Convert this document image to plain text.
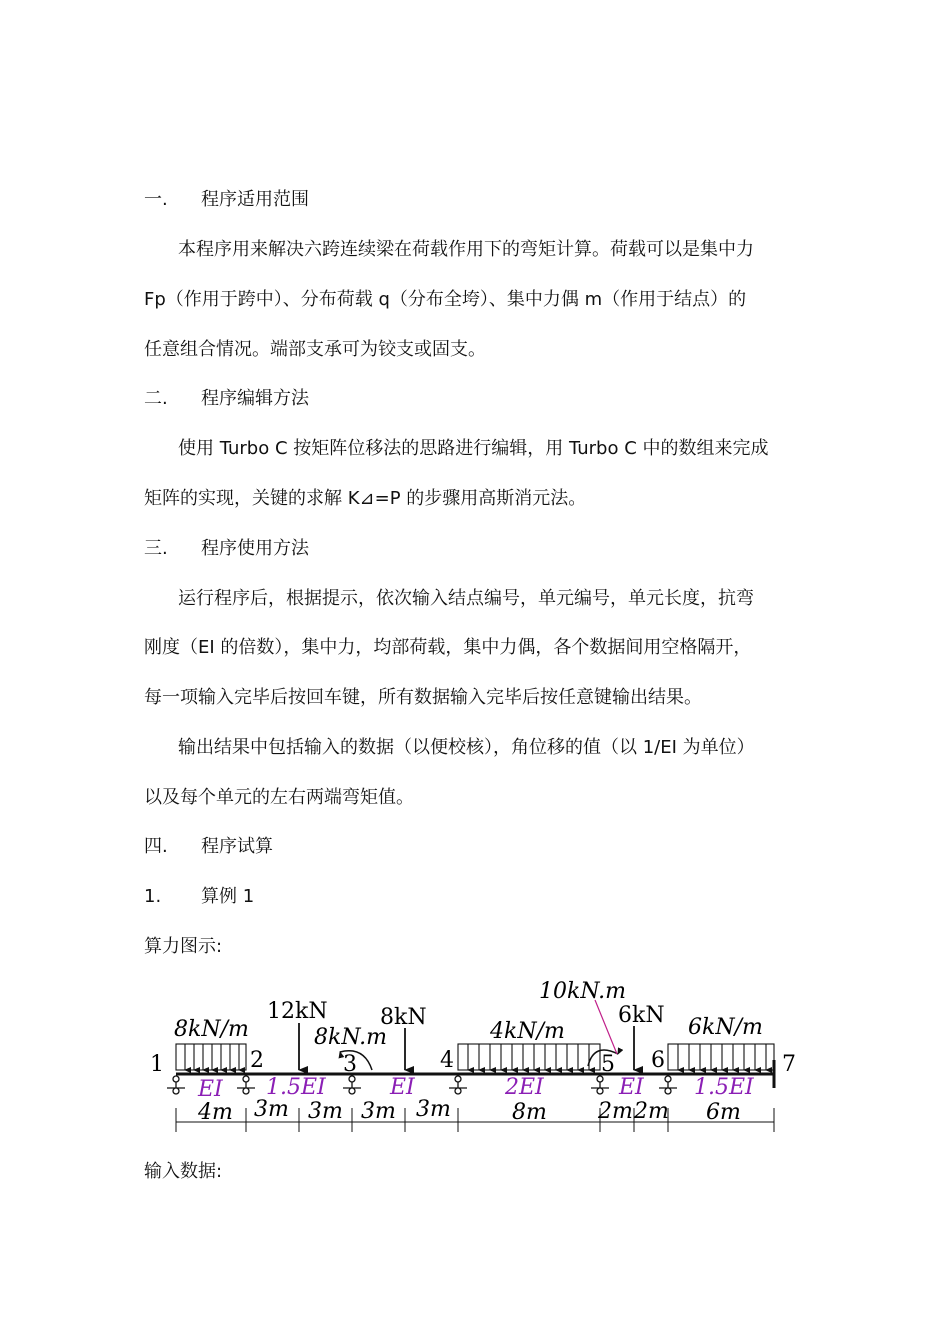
一. 程序适用范围
本程序用来解决六跨连续梁在荷载作用下的弯矩计算。荷载可以是集中力
Fp（作用于跨中）、分布荷载 q（分布全垮）、集中力偶 m（作用于结点）的
任意组合情况。端部支承可为铰支或固支。
二. 程序编辑方法
使用 Turbo C 按矩阵位移法的思路进行编辑，用 Turbo C 中的数组来完成
矩阵的实现，关键的求解 K⊿=P 的步骤用高斯消元法。
三. 程序使用方法
运行程序后，根据提示，依次输入结点编号，单元编号，单元长度，抗弯
刚度（EI 的倍数），集中力，均部荷载，集中力偶，各个数据间用空格隔开，
每一项输入完毕后按回车键，所有数据输入完毕后按任意键输出结果。
输出结果中包括输入的数据（以便校核），角位移的值（以 1/EI 为单位）
以及每个单元的左右两端弯矩值。
四. 程序试算
1. 算例 1
算力图示:
1	2	3	4	5 6	7
8kN/m
12kN
8kN.m
8kN
4kN/m
10kN.m
6kN 6kN/m
EI 1.5EI	EI	2EI	EI 1.5EI
4m 3m 3m 3m 3m	8m 2m 2m 6m
输入数据:
